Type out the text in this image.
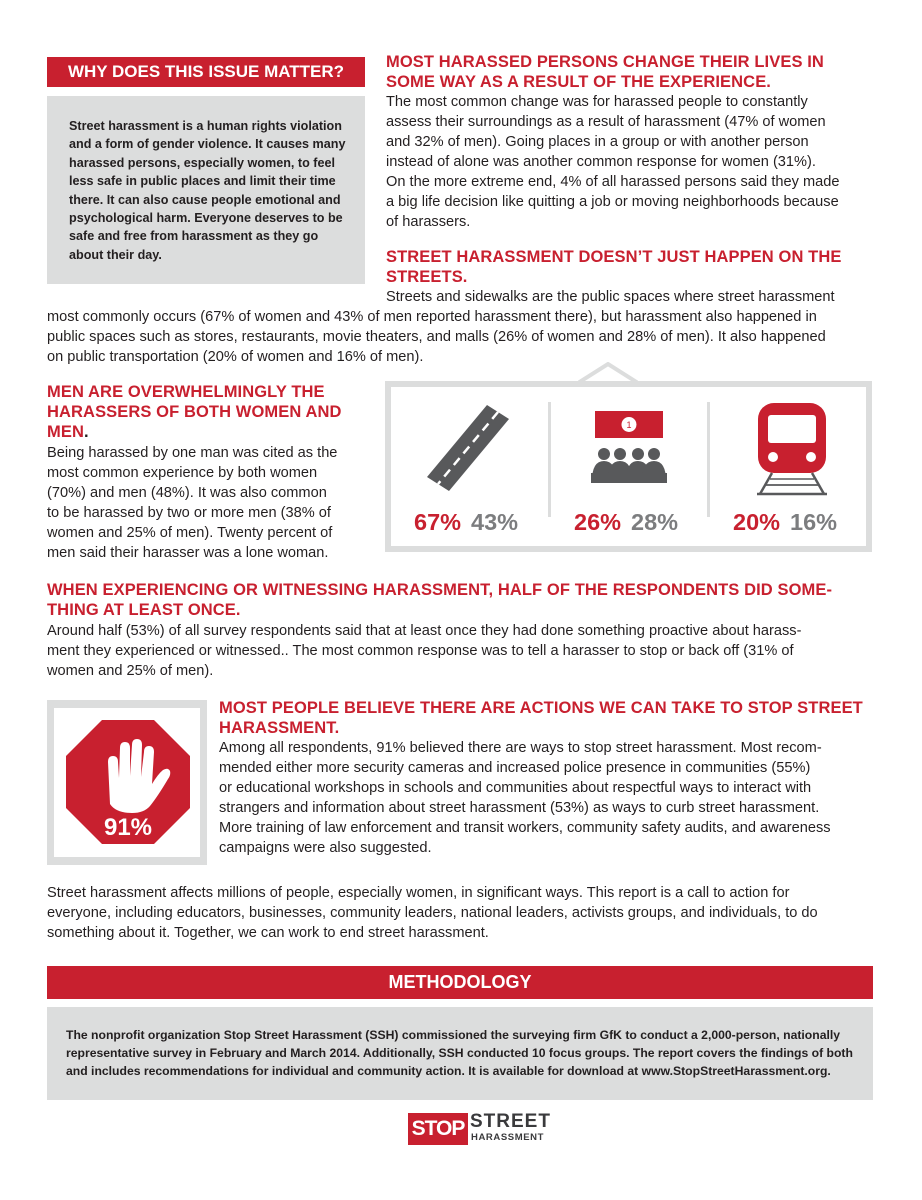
WHY DOES THIS ISSUE MATTER?
Street harassment is a human rights violation and a form of gender violence. It causes many harassed persons, especially women, to feel less safe in public places and limit their time there. It can also cause people emotional and psychological harm. Everyone deserves to be safe and free from harassment as they go about their day.
MOST HARASSED PERSONS CHANGE THEIR LIVES IN
SOME WAY AS A RESULT OF THE EXPERIENCE.
The most common change was for harassed people to constantly
assess their surroundings as a result of harassment (47% of women
and 32% of men). Going places in a group or with another person
instead of alone was another common response for women (31%).
On the more extreme end, 4% of all harassed persons said they made
a big life decision like quitting a job or moving neighborhoods because
of harassers.
STREET HARASSMENT DOESN’T JUST HAPPEN ON THE
STREETS.
Streets and sidewalks are the public spaces where street harassment
most commonly occurs (67% of women and 43% of men reported harassment there), but harassment also happened in
public spaces such as stores, restaurants, movie theaters, and malls (26% of women and 28% of men). It also happened
on public transportation (20% of women and 16% of men).
MEN ARE OVERWHELMINGLY THE
HARASSERS OF BOTH WOMEN AND
MEN.
Being harassed by one man was cited as the
most common experience by both women
(70%) and men (48%). It was also common
to be harassed by two or more men (38% of
women and 25% of men). Twenty percent of
men said their harasser was a lone woman.
1
67% 43% 26% 28% 20% 16%
WHEN EXPERIENCING OR WITNESSING HARASSMENT, HALF OF THE RESPONDENTS DID SOME-
THING AT LEAST ONCE.
Around half (53%) of all survey respondents said that at least once they had done something proactive about harass-
ment they experienced or witnessed.. The most common response was to tell a harasser to stop or back off (31% of
women and 25% of men).
91%
MOST PEOPLE BELIEVE THERE ARE ACTIONS WE CAN TAKE TO STOP STREET
HARASSMENT.
Among all respondents, 91% believed there are ways to stop street harassment. Most recom-
mended either more security cameras and increased police presence in communities (55%)
or educational workshops in schools and communities about respectful ways to interact with
strangers and information about street harassment (53%) as ways to curb street harassment.
More training of law enforcement and transit workers, community safety audits, and awareness
campaigns were also suggested.
Street harassment affects millions of people, especially women, in significant ways. This report is a call to action for
everyone, including educators, businesses, community leaders, national leaders, activists groups, and individuals, to do
something about it. Together, we can work to end street harassment.
METHODOLOGY
The nonprofit organization Stop Street Harassment (SSH) commissioned the surveying firm GfK to conduct a 2,000-person, nationally
representative survey in February and March 2014. Additionally, SSH conducted 10 focus groups. The report covers the findings of both
and includes recommendations for individual and community action. It is available for download at www.StopStreetHarassment.org.
STOP STREET
HARASSMENT
